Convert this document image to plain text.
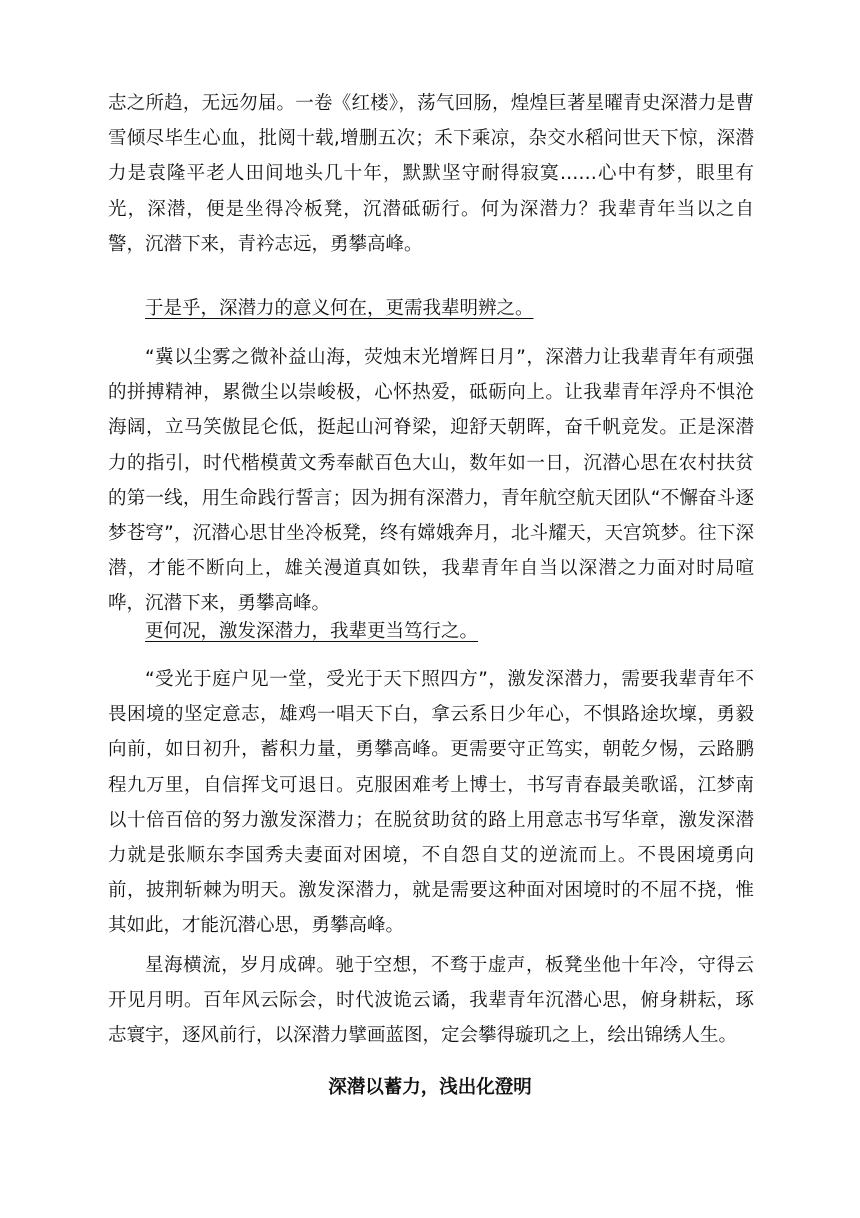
志之所趋，无远勿届。一卷《红楼》，荡气回肠，煌煌巨著星曜青史深潜力是曹雪倾尽毕生心血，批阅十载,增删五次；禾下乘凉，杂交水稻问世天下惊，深潜力是袁隆平老人田间地头几十年，默默坚守耐得寂寞……心中有梦，眼里有光，深潜，便是坐得冷板凳，沉潜砥砺行。何为深潜力？我辈青年当以之自警，沉潜下来，青衿志远，勇攀高峰。

于是乎，深潜力的意义何在，更需我辈明辨之。

“冀以尘雾之微补益山海，荧烛末光增辉日月”，深潜力让我辈青年有顽强的拼搏精神，累微尘以崇峻极，心怀热爱，砥砺向上。让我辈青年浮舟不惧沧海阔，立马笑傲昆仑低，挺起山河脊梁，迎舒天朝晖，奋千帆竞发。正是深潜力的指引，时代楷模黄文秀奉献百色大山，数年如一日，沉潜心思在农村扶贫的第一线，用生命践行誓言；因为拥有深潜力，青年航空航天团队“不懈奋斗逐梦苍穹”，沉潜心思甘坐冷板凳，终有嫦娥奔月，北斗耀天，天宫筑梦。往下深潜，才能不断向上，雄关漫道真如铁，我辈青年自当以深潜之力面对时局喧哗，沉潜下来，勇攀高峰。

更何况，激发深潜力，我辈更当笃行之。

“受光于庭户见一堂，受光于天下照四方”，激发深潜力，需要我辈青年不畏困境的坚定意志，雄鸡一唱天下白，拿云系日少年心，不惧路途坎壈，勇毅向前，如日初升，蓄积力量，勇攀高峰。更需要守正笃实，朝乾夕惕，云路鹏程九万里，自信挥戈可退日。克服困难考上博士，书写青春最美歌谣，江梦南以十倍百倍的努力激发深潜力；在脱贫助贫的路上用意志书写华章，激发深潜力就是张顺东李国秀夫妻面对困境，不自怨自艾的逆流而上。不畏困境勇向前，披荆斩棘为明天。激发深潜力，就是需要这种面对困境时的不屈不挠，惟其如此，才能沉潜心思，勇攀高峰。

星海横流，岁月成碑。驰于空想，不骛于虚声，板凳坐他十年冷，守得云开见月明。百年风云际会，时代波诡云谲，我辈青年沉潜心思，俯身耕耘，琢志寰宇，逐风前行，以深潜力擘画蓝图，定会攀得璇玑之上，绘出锦绣人生。

深潜以蓄力，浅出化澄明
